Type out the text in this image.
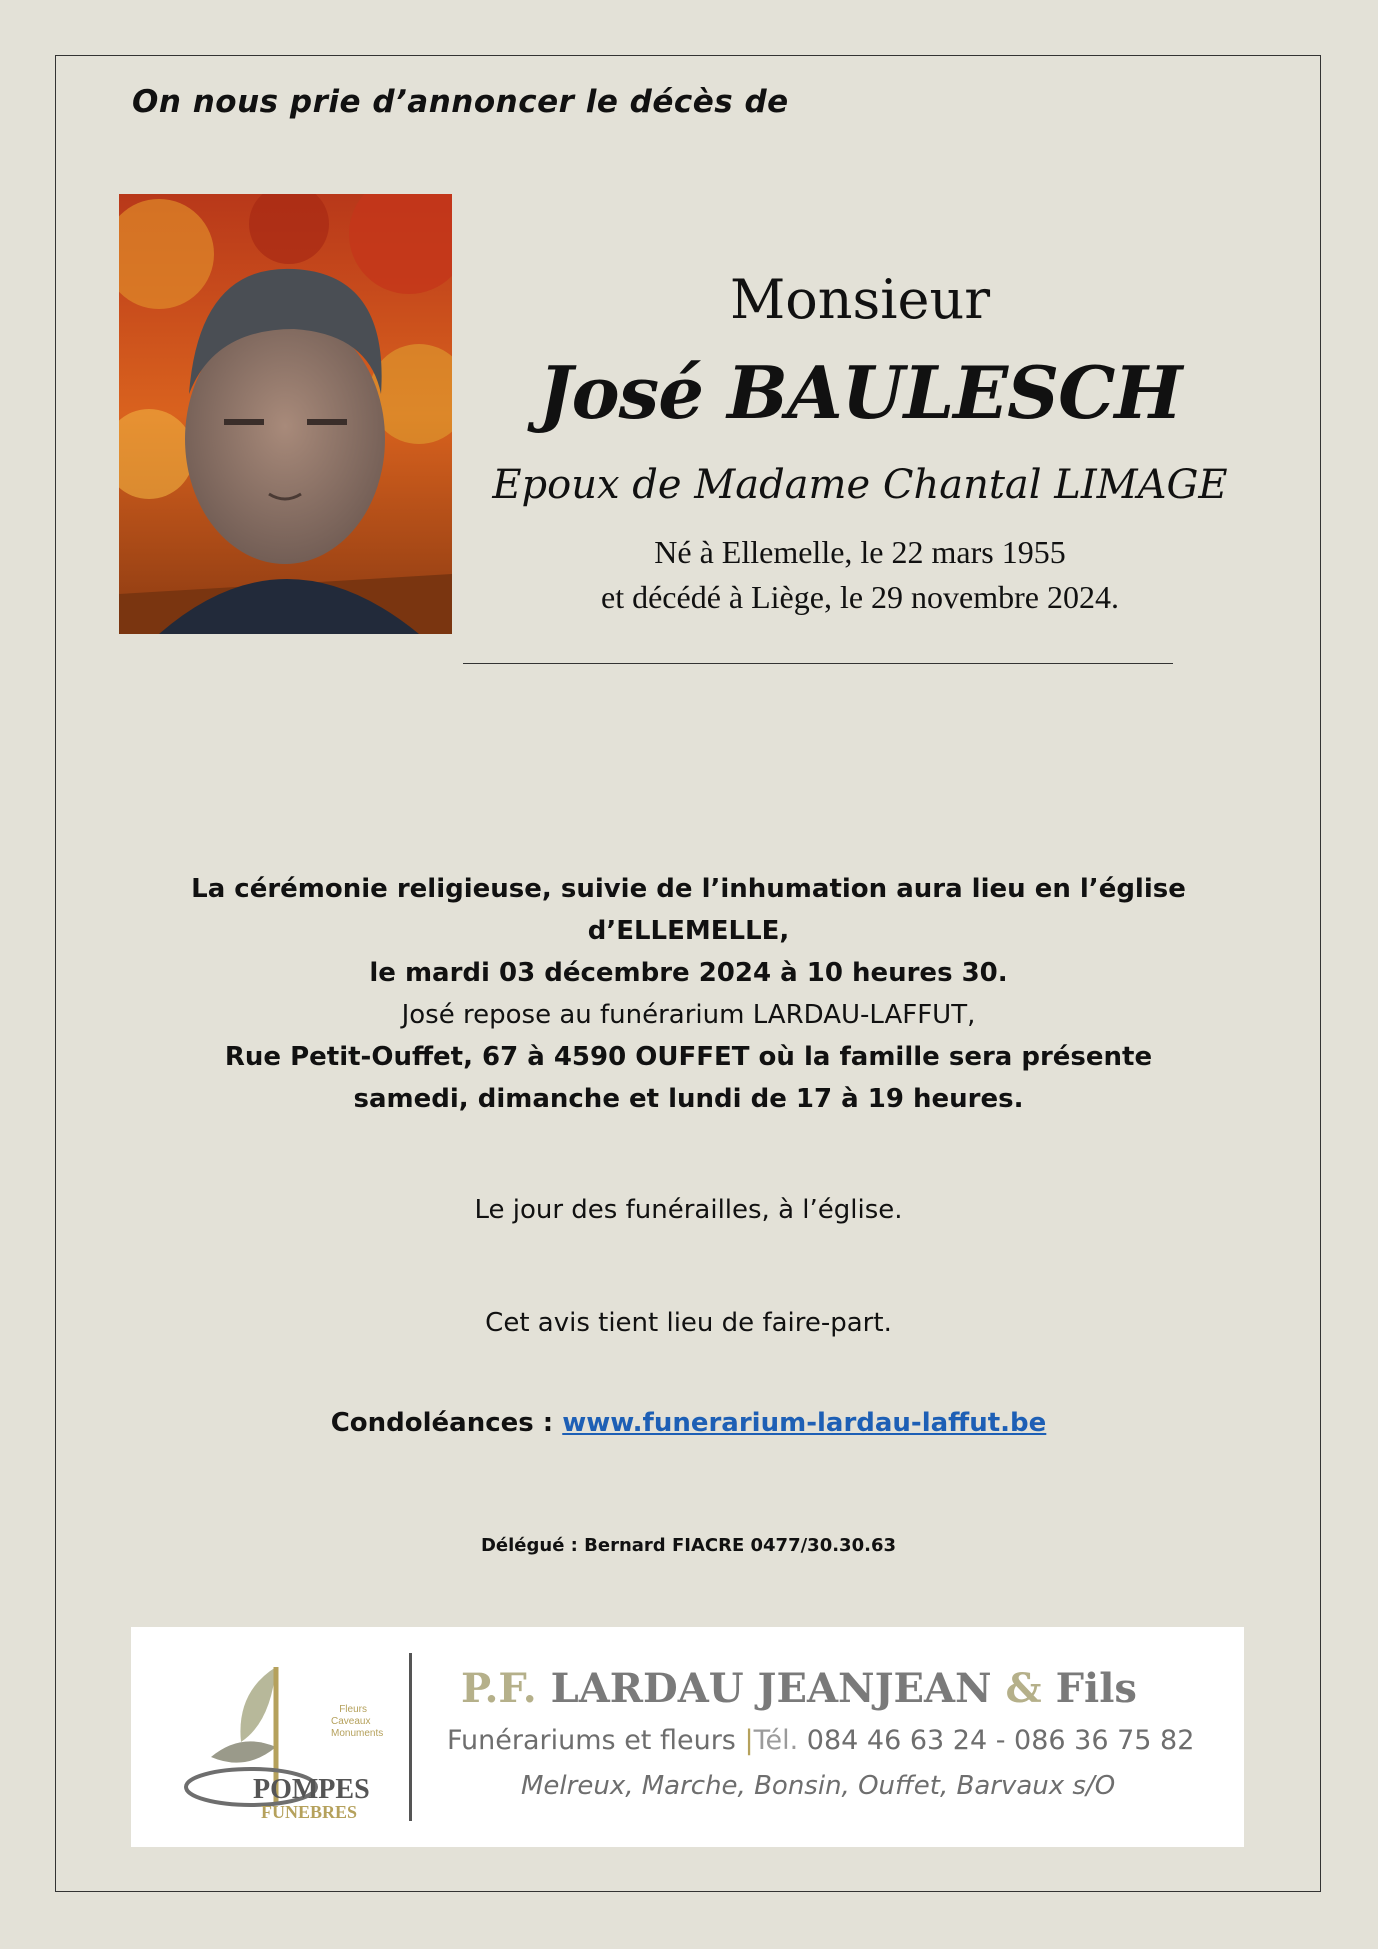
On nous prie d’annoncer le décès de
Monsieur
José BAULESCH
Epoux de Madame Chantal LIMAGE
Né à Ellemelle, le 22 mars 1955
et décédé à Liège, le 29 novembre 2024.
La cérémonie religieuse, suivie de l’inhumation aura lieu en l’église d’ELLEMELLE,
le mardi 03 décembre 2024 à 10 heures 30.
José repose au funérarium LARDAU-LAFFUT,
Rue Petit-Ouffet, 67 à 4590 OUFFET où la famille sera présente
samedi, dimanche et lundi de 17 à 19 heures.
Le jour des funérailles, à l’église.
Cet avis tient lieu de faire-part.
Condoléances : www.funerarium-lardau-laffut.be
Délégué : Bernard FIACRE 0477/30.30.63
Fleurs
Caveaux
Monuments
POMPES
FUNEBRES
P.F. LARDAU JEANJEAN & Fils
Funérariums et fleurs |Tél. 084 46 63 24 - 086 36 75 82
Melreux, Marche, Bonsin, Ouffet, Barvaux s/O
